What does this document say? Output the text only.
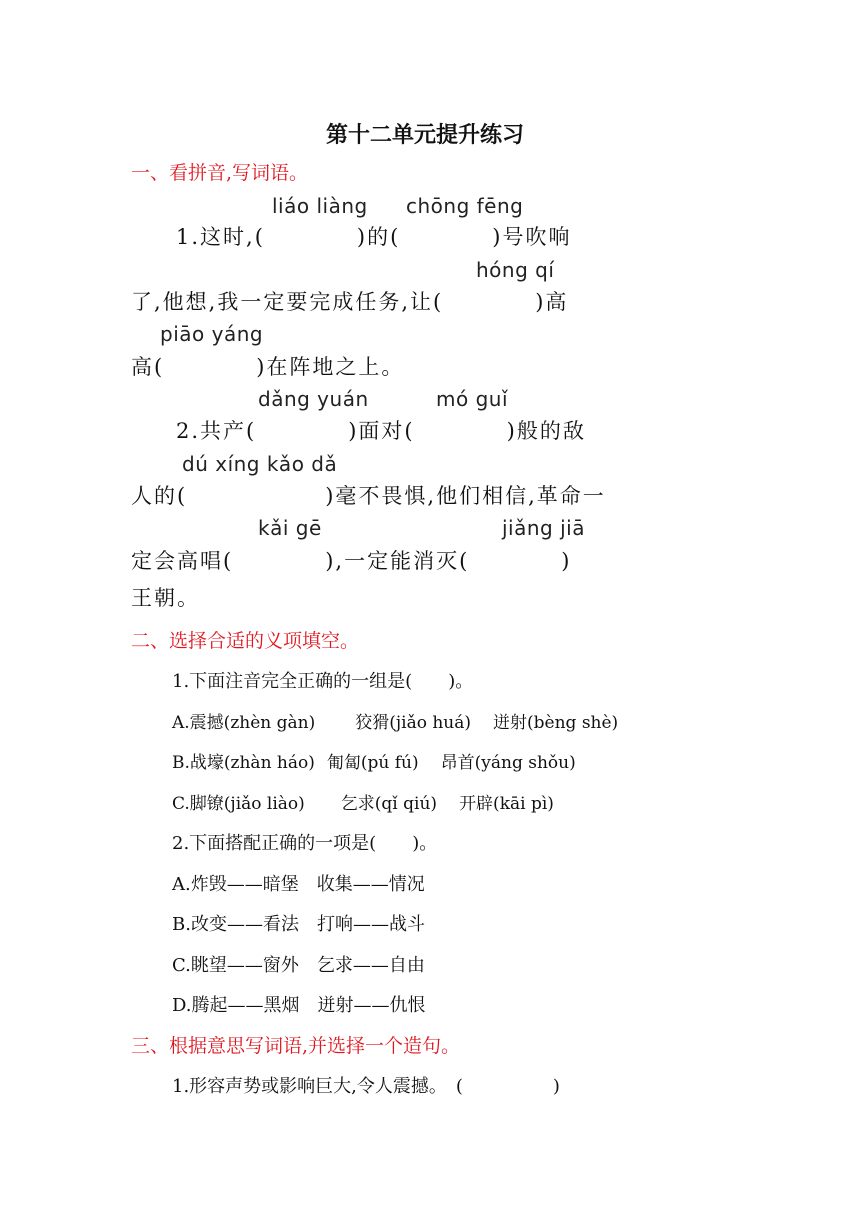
第十二单元提升练习
一、看拼音,写词语。
liáo liàng chōng fēng
1.这时,(	)的(	)号吹响
hóng qí
了,他想,我一定要完成任务,让(	)高
piāo yáng
高(	)在阵地之上。
dǎng yuán	mó guǐ
2.共产(	)面对(	)般的敌
dú xíng kǎo dǎ
人的(	)毫不畏惧,他们相信,革命一
kǎi gē	jiǎng jiā
定会高唱(	),一定能消灭(	)
王朝。
二、选择合适的义项填空。
1.下面注音完全正确的一组是(　　)。
A.震撼(zhèn gàn) 狡猾(jiǎo huá) 迸射(bèng shè)
B.战壕(zhàn háo) 匍匐(pú fú) 昂首(yáng shǒu)
C.脚镣(jiǎo liào) 乞求(qǐ qiú) 开辟(kāi pì)
2.下面搭配正确的一项是(　　)。
A.炸毁——暗堡 收集——情况
B.改变——看法 打响——战斗
C.眺望——窗外 乞求——自由
D.腾起——黑烟 迸射——仇恨
三、根据意思写词语,并选择一个造句。
1.形容声势或影响巨大,令人震撼。　(　　　　　)
